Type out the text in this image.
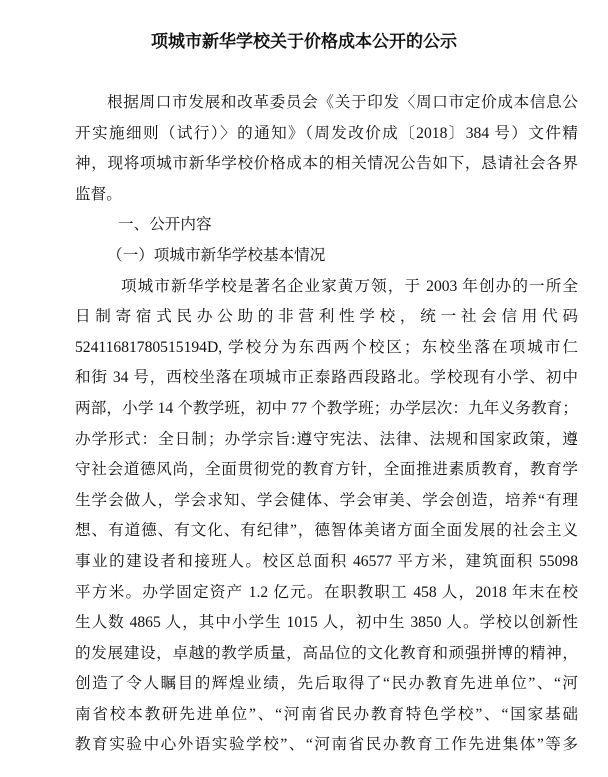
项城市新华学校关于价格成本公开的公示
根据周口市发展和改革委员会《关于印发〈周口市定价成本信息公
开实施细则（试行）〉的通知》（周发改价成〔2018〕384 号）文件精
神，现将项城市新华学校价格成本的相关情况公告如下，恳请社会各界
监督。
一、公开内容
（一）项城市新华学校基本情况
项城市新华学校是著名企业家黄万领，于 2003 年创办的一所全
日制寄宿式民办公助的非营利性学校，统一社会信用代码
52411681780515194D, 学校分为东西两个校区；东校坐落在项城市仁
和街 34 号，西校坐落在项城市正泰路西段路北。学校现有小学、初中
两部，小学 14 个教学班，初中 77 个教学班；办学层次：九年义务教育；
办学形式：全日制；办学宗旨:遵守宪法、法律、法规和国家政策，遵
守社会道德风尚，全面贯彻党的教育方针，全面推进素质教育，教育学
生学会做人，学会求知、学会健体、学会审美、学会创造，培养“有理
想、有道德、有文化、有纪律”，德智体美诸方面全面发展的社会主义
事业的建设者和接班人。校区总面积 46577 平方米，建筑面积 55098
平方米。办学固定资产 1.2 亿元。在职教职工 458 人，2018 年末在校
生人数 4865 人，其中小学生 1015 人，初中生 3850 人。学校以创新性
的发展建设，卓越的教学质量，高品位的文化教育和顽强拼博的精神，
创造了令人瞩目的辉煌业绩，先后取得了“民办教育先进单位”、“河
南省校本教研先进单位”、“河南省民办教育特色学校”、“国家基础
教育实验中心外语实验学校”、“河南省民办教育工作先进集体”等多
